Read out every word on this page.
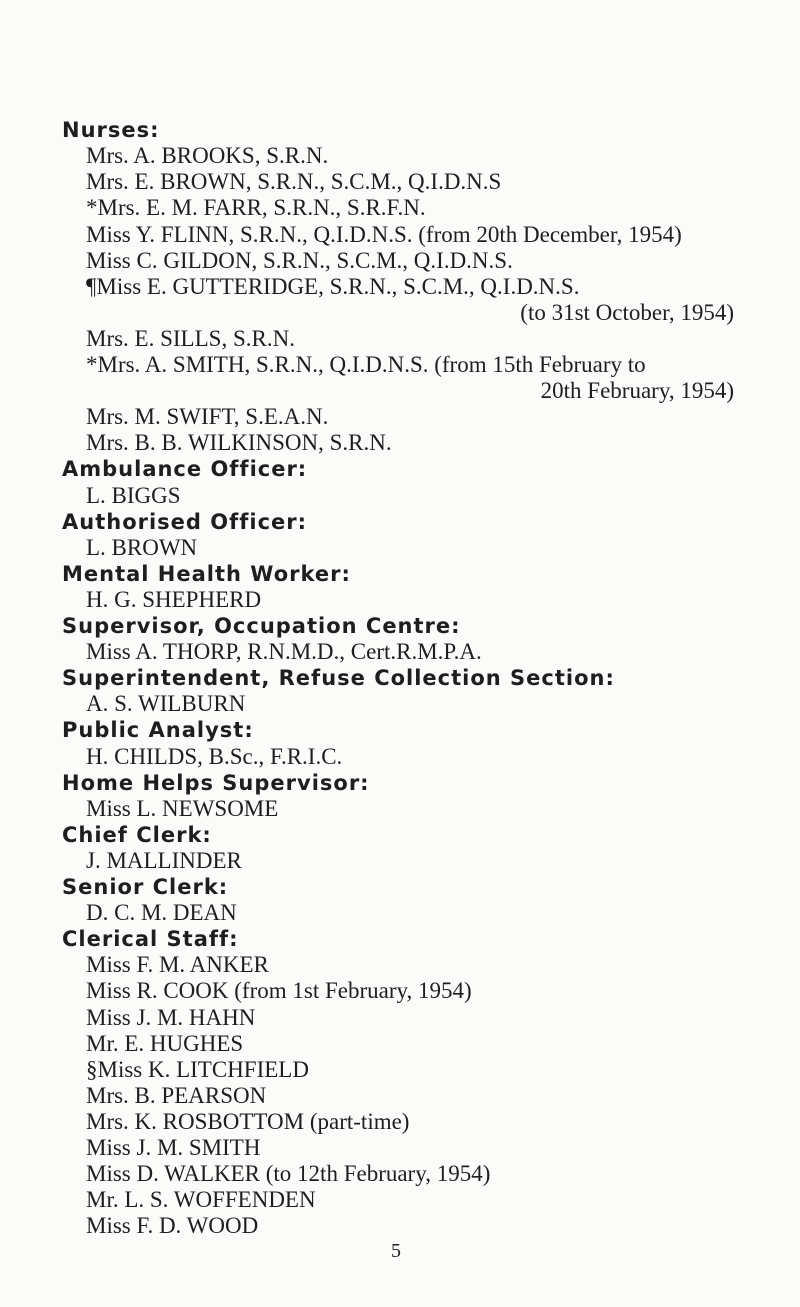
Nurses:
Mrs. A. BROOKS, S.R.N.
Mrs. E. BROWN, S.R.N., S.C.M., Q.I.D.N.S
*Mrs. E. M. FARR, S.R.N., S.R.F.N.
Miss Y. FLINN, S.R.N., Q.I.D.N.S. (from 20th December, 1954)
Miss C. GILDON, S.R.N., S.C.M., Q.I.D.N.S.
¶Miss E. GUTTERIDGE, S.R.N., S.C.M., Q.I.D.N.S.
(to 31st October, 1954)
Mrs. E. SILLS, S.R.N.
*Mrs. A. SMITH, S.R.N., Q.I.D.N.S. (from 15th February to
20th February, 1954)
Mrs. M. SWIFT, S.E.A.N.
Mrs. B. B. WILKINSON, S.R.N.
Ambulance Officer:
L. BIGGS
Authorised Officer:
L. BROWN
Mental Health Worker:
H. G. SHEPHERD
Supervisor, Occupation Centre:
Miss A. THORP, R.N.M.D., Cert.R.M.P.A.
Superintendent, Refuse Collection Section:
A. S. WILBURN
Public Analyst:
H. CHILDS, B.Sc., F.R.I.C.
Home Helps Supervisor:
Miss L. NEWSOME
Chief Clerk:
J. MALLINDER
Senior Clerk:
D. C. M. DEAN
Clerical Staff:
Miss F. M. ANKER
Miss R. COOK (from 1st February, 1954)
Miss J. M. HAHN
Mr. E. HUGHES
§Miss K. LITCHFIELD
Mrs. B. PEARSON
Mrs. K. ROSBOTTOM (part-time)
Miss J. M. SMITH
Miss D. WALKER (to 12th February, 1954)
Mr. L. S. WOFFENDEN
Miss F. D. WOOD
5
